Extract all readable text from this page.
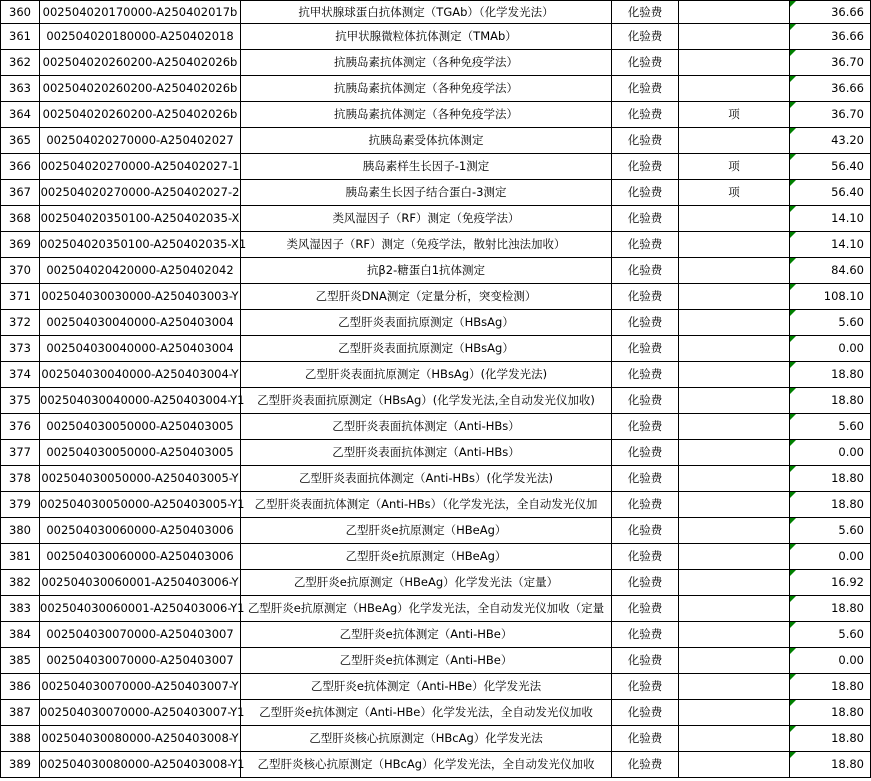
360	002504020170000-A250402017b	抗甲状腺球蛋白抗体测定（TGAb）（化学发光法）	化验费		36.66
361	002504020180000-A250402018	抗甲状腺微粒体抗体测定（TMAb）	化验费		36.66
362	002504020260200-A250402026b	抗胰岛素抗体测定（各种免疫学法）	化验费		36.70
363	002504020260200-A250402026b	抗胰岛素抗体测定（各种免疫学法）	化验费		36.66
364	002504020260200-A250402026b	抗胰岛素抗体测定（各种免疫学法）	化验费	项	36.70
365	002504020270000-A250402027	抗胰岛素受体抗体测定	化验费		43.20
366	002504020270000-A250402027-1	胰岛素样生长因子-1测定	化验费	项	56.40
367	002504020270000-A250402027-2	胰岛素生长因子结合蛋白-3测定	化验费	项	56.40
368	002504020350100-A250402035-X	类风湿因子（RF）测定（免疫学法）	化验费		14.10
369	002504020350100-A250402035-X1	类风湿因子（RF）测定（免疫学法，散射比浊法加收）	化验费		14.10
370	002504020420000-A250402042	抗β2-糖蛋白1抗体测定	化验费		84.60
371	002504030030000-A250403003-Y	乙型肝炎DNA测定（定量分析，突变检测）	化验费		108.10
372	002504030040000-A250403004	乙型肝炎表面抗原测定（HBsAg）	化验费		5.60
373	002504030040000-A250403004	乙型肝炎表面抗原测定（HBsAg）	化验费		0.00
374	002504030040000-A250403004-Y	乙型肝炎表面抗原测定（HBsAg）(化学发光法)	化验费		18.80
375	002504030040000-A250403004-Y1	乙型肝炎表面抗原测定（HBsAg）(化学发光法,全自动发光仪加收)	化验费		18.80
376	002504030050000-A250403005	乙型肝炎表面抗体测定（Anti-HBs）	化验费		5.60
377	002504030050000-A250403005	乙型肝炎表面抗体测定（Anti-HBs）	化验费		0.00
378	002504030050000-A250403005-Y	乙型肝炎表面抗体测定（Anti-HBs）(化学发光法)	化验费		18.80
379	002504030050000-A250403005-Y1	乙型肝炎表面抗体测定（Anti-HBs）（化学发光法，全自动发光仪加	化验费		18.80
380	002504030060000-A250403006	乙型肝炎e抗原测定（HBeAg）	化验费		5.60
381	002504030060000-A250403006	乙型肝炎e抗原测定（HBeAg）	化验费		0.00
382	002504030060001-A250403006-Y	乙型肝炎e抗原测定（HBeAg）化学发光法（定量）	化验费		16.92
383	002504030060001-A250403006-Y1	乙型肝炎e抗原测定（HBeAg）化学发光法，全自动发光仪加收（定量	化验费		18.80
384	002504030070000-A250403007	乙型肝炎e抗体测定（Anti-HBe）	化验费		5.60
385	002504030070000-A250403007	乙型肝炎e抗体测定（Anti-HBe）	化验费		0.00
386	002504030070000-A250403007-Y	乙型肝炎e抗体测定（Anti-HBe）化学发光法	化验费		18.80
387	002504030070000-A250403007-Y1	乙型肝炎e抗体测定（Anti-HBe）化学发光法，全自动发光仪加收	化验费		18.80
388	002504030080000-A250403008-Y	乙型肝炎核心抗原测定（HBcAg）化学发光法	化验费		18.80
389	002504030080000-A250403008-Y1	乙型肝炎核心抗原测定（HBcAg）化学发光法，全自动发光仪加收	化验费		18.80
